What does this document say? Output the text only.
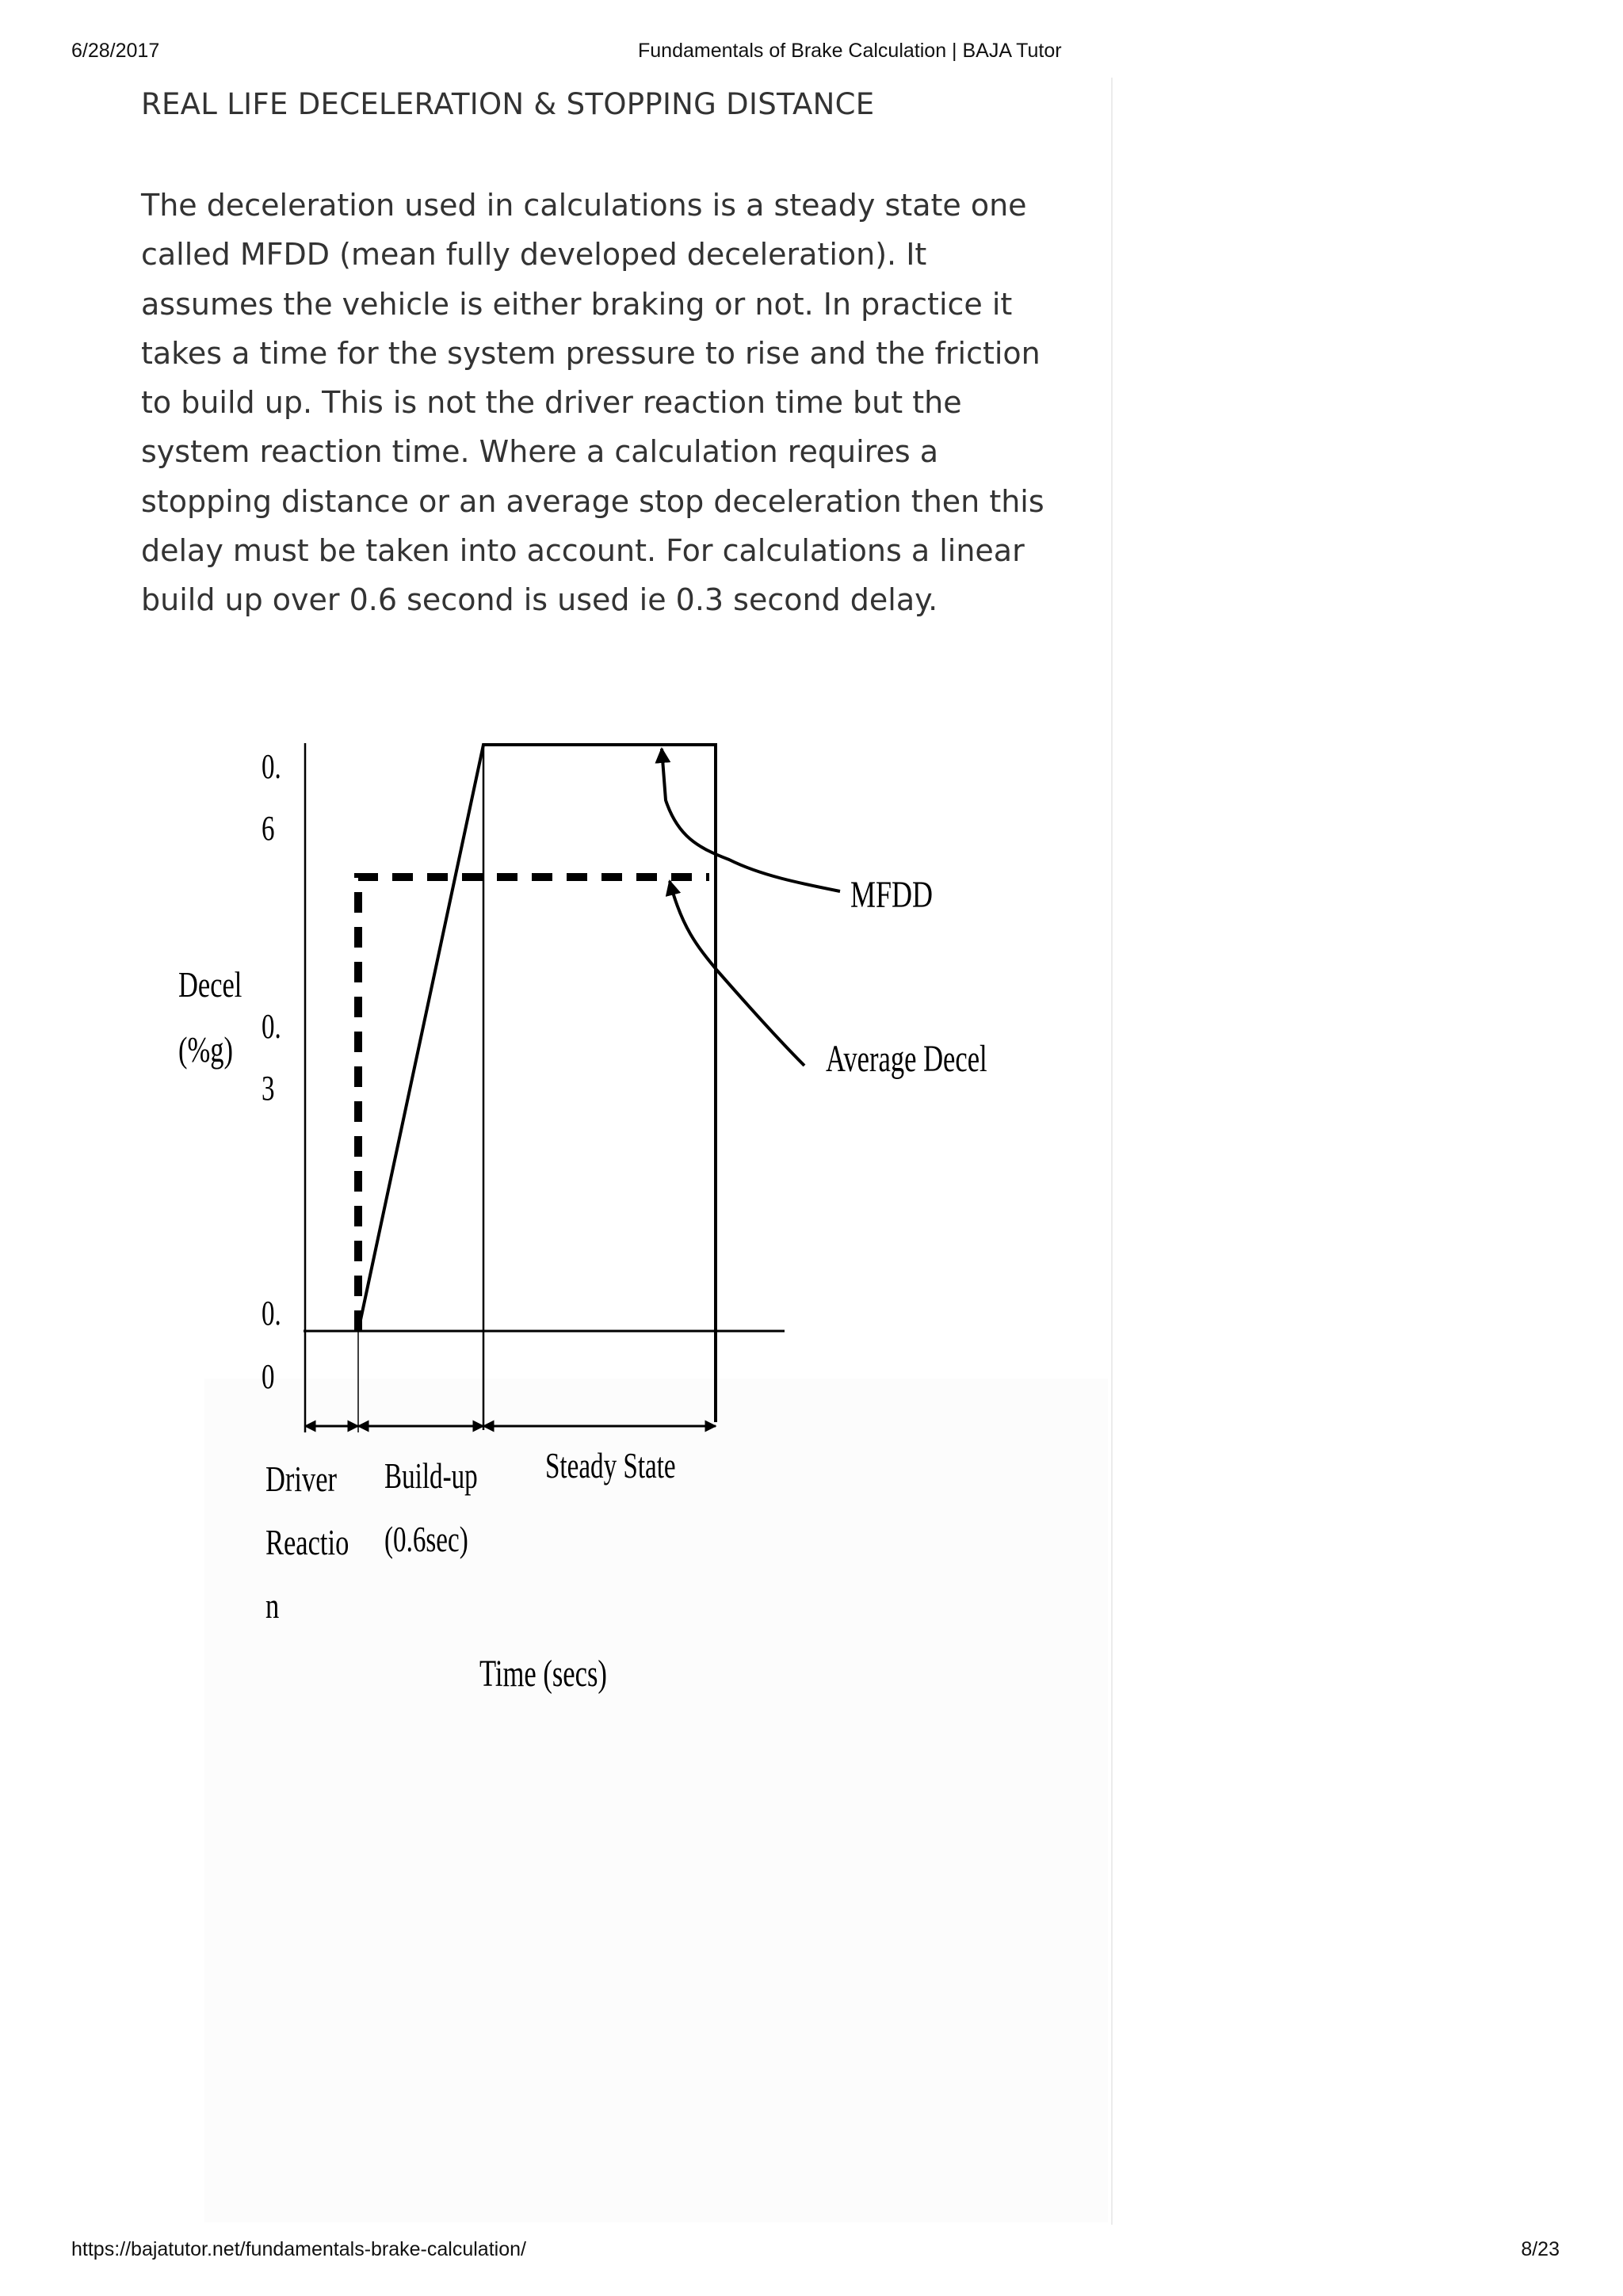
6/28/2017	Fundamentals of Brake Calculation | BAJA Tutor
REAL LIFE DECELERATION & STOPPING DISTANCE

The deceleration used in calculations is a steady state one called MFDD (mean fully developed deceleration). It assumes the vehicle is either braking or not. In practice it takes a time for the system pressure to rise and the friction to build up. This is not the driver reaction time but the system reaction time. Where a calculation requires a stopping distance or an average stop deceleration then this delay must be taken into account. For calculations a linear build up over 0.6 second is used ie 0.3 second delay.

0.
6
0.
3
0.
0
Decel
(%g)
MFDD
Average Decel
Driver
Reactio
n
Build-up
(0.6sec)
Steady State
Time (secs)
https://bajatutor.net/fundamentals-brake-calculation/	8/23
